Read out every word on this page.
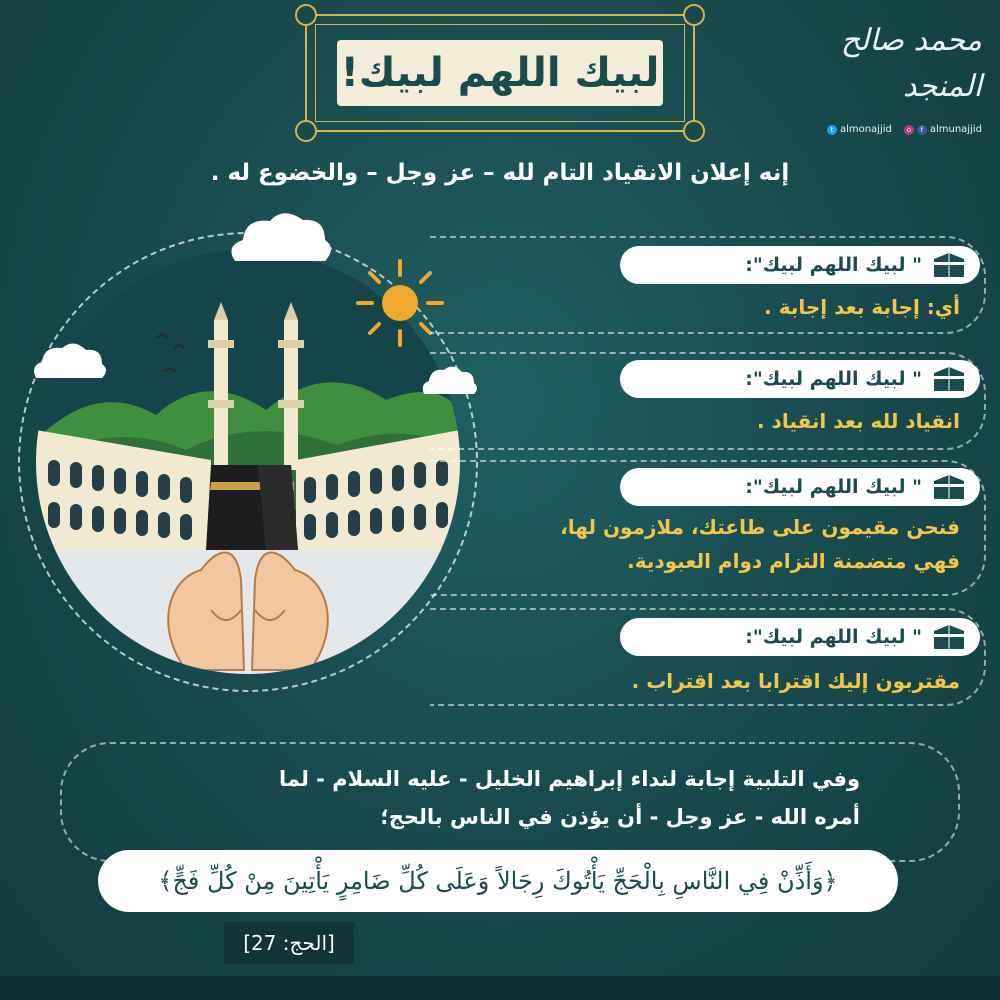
لبيك اللهم لبيك!
محمد صالح المنجد
t almonajjid	o	f almunajjid
إنه إعلان الانقياد التام لله – عز وجل – والخضوع له .
" لبيك اللهم لبيك":
أي: إجابة بعد إجابة .
" لبيك اللهم لبيك":
انقياد لله بعد انقياد .
" لبيك اللهم لبيك":
فنحن مقيمون على طاعتك، ملازمون لها،
فهي متضمنة التزام دوام العبودية.
" لبيك اللهم لبيك":
مقتربون إليك اقترابا بعد اقتراب .
وفي التلبية إجابة لنداء إبراهيم الخليل - عليه السلام - لما
أمره الله - عز وجل - أن يؤذن في الناس بالحج؛
﴿وَأَذِّنْ فِي النَّاسِ بِالْحَجِّ يَأْتُوكَ رِجَالاً وَعَلَى كُلِّ ضَامِرٍ يَأْتِينَ مِنْ كُلِّ فَجٍّ﴾
[الحج: 27]
